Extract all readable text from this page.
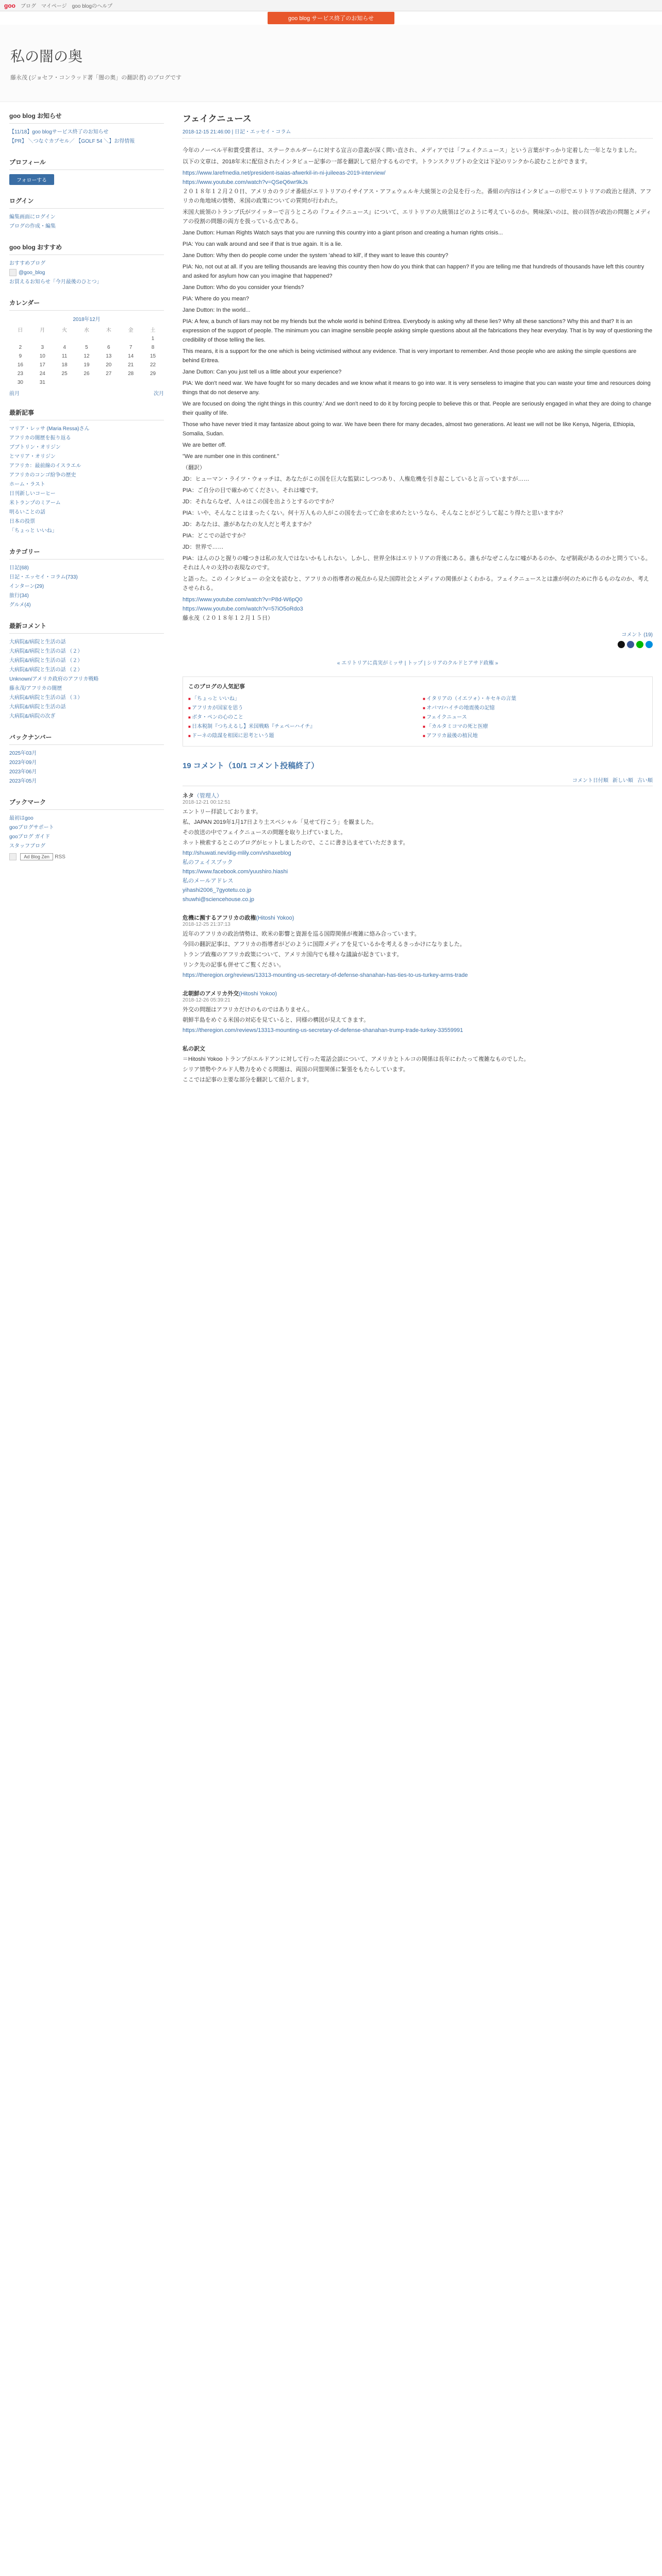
goo ブログ マイページ goo blogのヘルプ
goo blog サービス終了のお知らせ
私の闇の奥
藤永茂 (ジョセフ・コンラッド著「闇の奥」の翻訳者) のブログです
goo blog お知らせ
【11/18】goo blogサービス終了のお知らせ
【PR】 ＼つなぐカプセル／ 【GOLF 54 ＼】お得情報
プロフィール
フォローする
ログイン
編集画面にログイン
ブログの作成・編集
goo blog おすすめ
おすすめブログ
@goo_blog
お買えるお知らせ「今月最後のひとつ」
カレンダー
2018年12月
日	月	火	水	木	金	土
						1
2	3	4	5	6	7	8
9	10	11	12	13	14	15
16	17	18	19	20	21	22
23	24	25	26	27	28	29
30	31					
前月	次月
最新記事
マリア・レッサ (Maria Ressa)さん
アフリカの闇歴を振り返る
ブブトリン・オリジン
とマリア・オリジン
アフリカ：最前線のイスラエル
アフリカのコンゴ紛争の歴史
ホーム・ラスト
日刊新しいコーヒー
米トランプのミアーム
明るいことの話
日本の投票
「ちょっと いいね」
カテゴリー
日記(68)
日記・エッセイ・コラム(733)
インターン(29)
旅行(34)
グルメ(4)
最新コメント
大病院&/病院と生活の話
大病院&/病院と生活の話 （２）
大病院&/病院と生活の話 （２）
大病院&/病院と生活の話 （２）
Unknown/アメリカ政府のアフリカ戦略
藤永茂/アフリカの闇歴
大病院&/病院と生活の話 （３）
大病院&/病院と生活の話
大病院&/病院の次ぎ
バックナンバー
2025年03月
2023年09月
2023年06月
2023年05月
ブックマーク
最初はgoo
gooブログサポート
gooブログ ガイド
スタッフブログ
Ad Blog Zen RSS
フェイクニュース
2018-12-15 21:46:00 | 日記・エッセイ・コラム

今年のノーベル平和賞受賞者は、ステークホルダーらに対する宣言の意義が深く問い直され、メディアでは「フェイクニュース」という言葉がすっかり定着した一年となりました。

以下の文章は、2018年末に配信されたインタビュー記事の一部を翻訳して紹介するものです。トランスクリプトの全文は下記のリンクから読むことができます。

https://www.larefmedia.net/president-isaias-afwerkil-in-ni-juileeas-2019-interview/
https://www.youtube.com/watch?v=QSeQ6wr9kJs

２０１８年１２月２０日、アメリカのラジオ番組がエリトリアのイサイアス・アフェウェルキ大統領との会見を行った。番組の内容はインタビューの形でエリトリアの政治と経済、アフリカの角地域の情勢、米国の政策についての質問が行われた。

米国大統領のトランプ氏がツイッターで言うところの『フェイクニュース』について、エリトリアの大統領はどのように考えているのか。興味深いのは、彼の回答が政治の問題とメディアの役割の問題の両方を扱っている点である。

Jane Dutton: Human Rights Watch says that you are running this country into a giant prison and creating a human rights crisis...

PIA: You can walk around and see if that is true again. It is a lie.

Jane Dutton: Why then do people come under the system 'ahead to kill', if they want to leave this country?

PIA: No, not out at all. If you are telling thousands are leaving this country then how do you think that can happen? If you are telling me that hundreds of thousands have left this country and asked for asylum how can you imagine that happened?

Jane Dutton: Who do you consider your friends?

PIA: Where do you mean?

Jane Dutton: In the world...

PIA: A few, a bunch of liars may not be my friends but the whole world is behind Eritrea. Everybody is asking why all these lies? Why all these sanctions? Why this and that? It is an expression of the support of people. The minimum you can imagine sensible people asking simple questions about all the fabrications they hear everyday. That is by way of questioning the credibility of those telling the lies.

This means, it is a support for the one which is being victimised without any evidence. That is very important to remember. And those people who are asking the simple questions are behind Eritrea.

Jane Dutton: Can you just tell us a little about your experience?

PIA: We don't need war. We have fought for so many decades and we know what it means to go into war. It is very senseless to imagine that you can waste your time and resources doing things that do not deserve any.

We are focused on doing 'the right things in this country.' And we don't need to do it by forcing people to believe this or that. People are seriously engaged in what they are doing to change their quality of life.

Those who have never tried it may fantasize about going to war. We have been there for many decades, almost two generations. At least we will not be like Kenya, Nigeria, Ethiopia, Somalia, Sudan.

We are better off.

"We are number one in this continent."

（翻訳）

JD：ヒューマン・ライツ・ウォッチは、あなたがこの国を巨大な監獄にしつつあり、人権危機を引き起こしていると言っていますが……

PIA：ご自分の目で確かめてください。それは嘘です。

JD：それならなぜ、人々はこの国を出ようとするのですか？

PIA：いや、そんなことはまったくない。何十万人もの人がこの国を去って亡命を求めたというなら、そんなことがどうして起こり得たと思いますか？

JD：あなたは、誰があなたの友人だと考えますか？

PIA：どこでの話ですか？

JD：世界で……

PIA：ほんのひと握りの嘘つきは私の友人ではないかもしれない。しかし、世界全体はエリトリアの背後にある。誰もがなぜこんなに嘘があるのか、なぜ制裁があるのかと問うている。それは人々の支持の表現なのです。

と語った。この インタビュー の全文を読むと、アフリカの指導者の視点から見た国際社会とメディアの関係がよくわかる。フェイクニュースとは誰が何のために作るものなのか、考えさせられる。

https://www.youtube.com/watch?v=P8d-W6pQ0
https://www.youtube.com/watch?v=57iO5oRdo3

藤永茂（２０１８年１２月１５日）

コメント (19)
« エリトリアに真実がミッサ | トップ | シリアのクルドとアサド政権 »
このブログの人気記事
■ 「ちょっと いいね」	■ イタリアの（イエツォ）・キセキの言葉
■ アフリカが国家を思う	■ オバマ/ハイチの地震後の記憶
■ ボタ・ペンの心のこと	■ フェイクニュース
■ 日本税制『つちえるし】米国戦略『チェペーハイチ』	■ 「カルタミコマの死と医療
■ ドーネの陰謀を相図に思考という題	■ アフリカ最後の植民地
19 コメント（10/1 コメント投稿終了）
コメント日付順 新しい順 古い順
ネタ（管理人）
2018-12-21 00:12:51

エントリー拝読しております。

私、JAPAN 2019年1月17日より土スペシャル「見せて行こう」を観ました。

その放送の中でフェイクニュースの問題を取り上げていました。

ネット検索するとこのブログがヒットしましたので、ここに書き込ませていただきます。

http://shuwati.nev/dig-mlily.com/vshaxeblog
私のフェイスブック
https://www.facebook.com/yuushiro.hiashi
私のメールアドレス
yihashi2006_7gyotetu.co.jp
shuwhi@sciencehouse.co.jp
危機に瀕するアフリカの政権(Hitoshi Yokoo)
2018-12-25 21:37:13

近年のアフリカの政治情勢は、欧米の影響と資源を巡る国際関係が複雑に絡み合っています。

今回の翻訳記事は、アフリカの指導者がどのように国際メディアを見ているかを考えるきっかけになりました。

トランプ政権のアフリカ政策について、アメリカ国内でも様々な議論が起きています。

リンク先の記事も併せてご覧ください。

https://theregion.org/reviews/13313-mounting-us-secretary-of-defense-shanahan-has-ties-to-us-turkey-arms-trade
北朝鮮のアメリカ外交(Hitoshi Yokoo)
2018-12-26 05:39:21

外交の問題はアフリカだけのものではありません。

朝鮮半島をめぐる米国の対応を見ていると、同様の構図が見えてきます。

https://theregion.com/reviews/13313-mounting-us-secretary-of-defense-shanahan-trump-trade-turkey-33559991
私の訳文

＝Hitoshi Yokoo トランプがエルドアンに対して行った電話会談について、アメリカとトルコの関係は長年にわたって複雑なものでした。

シリア情勢やクルド人勢力をめぐる問題は、両国の同盟関係に緊張をもたらしています。

ここでは記事の主要な部分を翻訳して紹介します。
